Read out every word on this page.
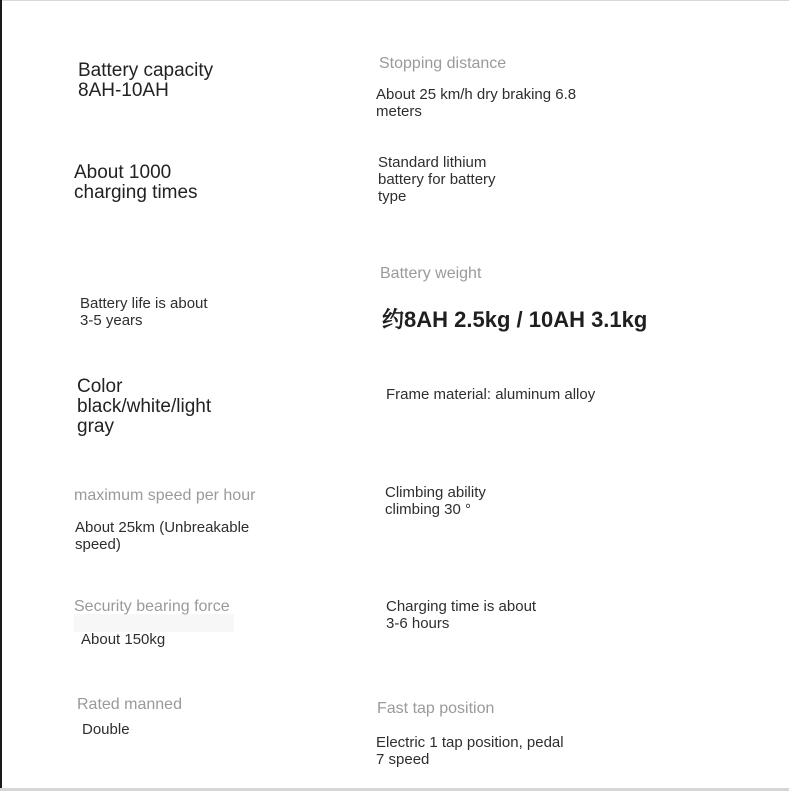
Battery capacity
8AH-10AH

About 1000
charging times

Battery life is about
3-5 years

Color
black/white/light
gray

maximum speed per hour

About 25km (Unbreakable
speed)

Security bearing force

About 150kg

Rated manned

Double

Stopping distance

About 25 km/h dry braking 6.8
meters

Standard lithium
battery for battery
type

Battery weight

约8AH 2.5kg / 10AH 3.1kg

Frame material: aluminum alloy

Climbing ability
climbing 30 °

Charging time is about
3-6 hours

Fast tap position

Electric 1 tap position, pedal
7 speed
